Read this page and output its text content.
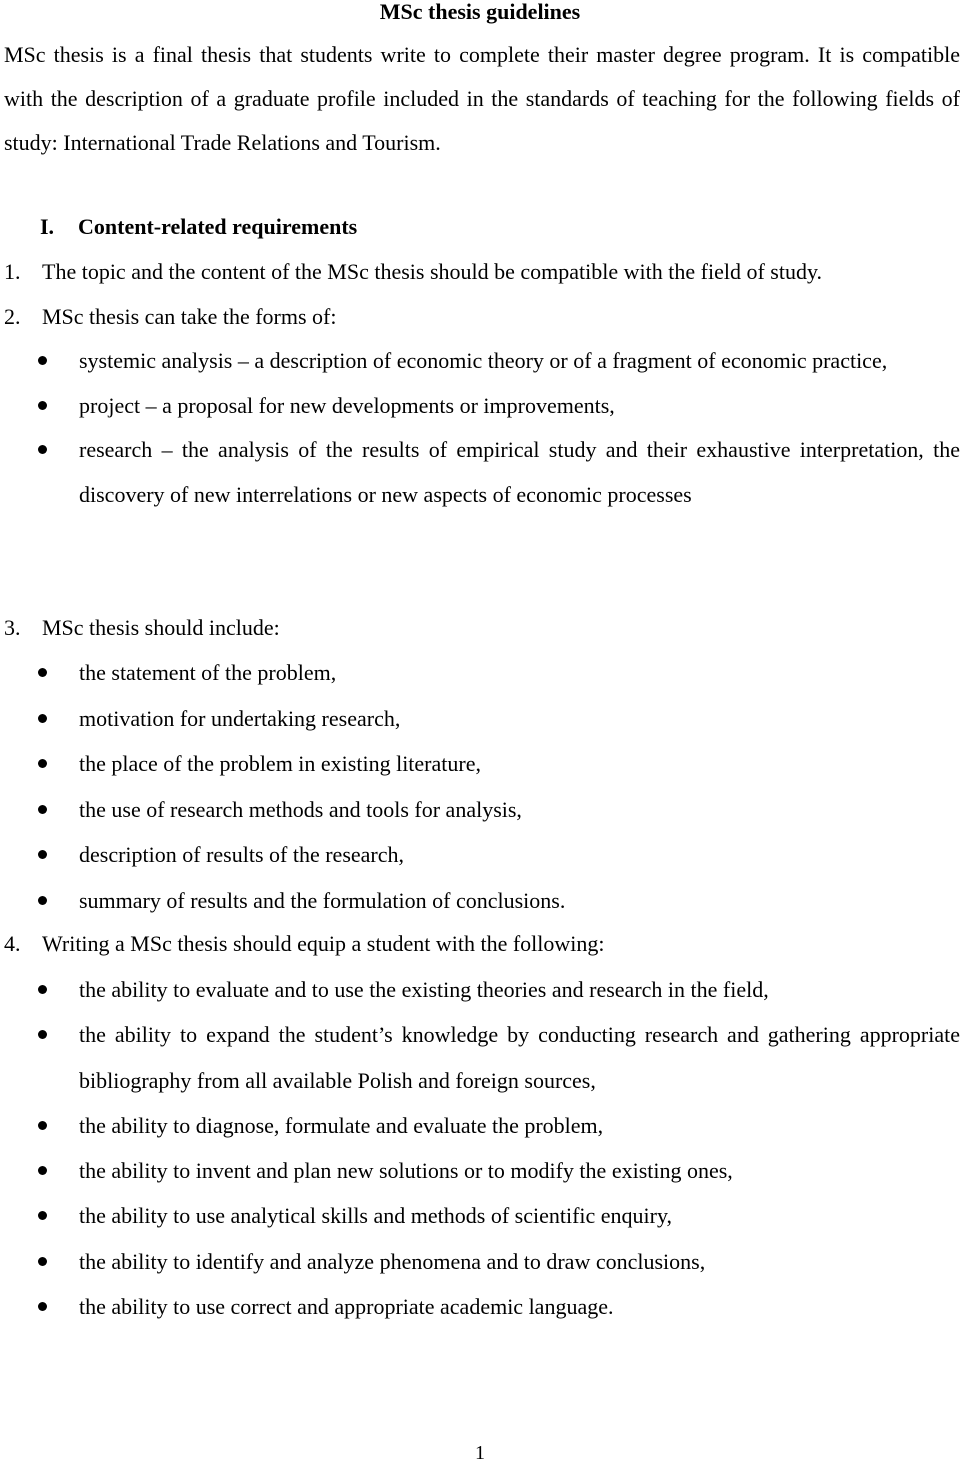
MSc thesis guidelines
MSc thesis is a final thesis that students write to complete their master degree program. It is compatible with the description of a graduate profile included in the standards of teaching for the following fields of study: International Trade Relations and Tourism.
I. Content-related requirements
1. The topic and the content of the MSc thesis should be compatible with the field of study.
2. MSc thesis can take the forms of:
systemic analysis – a description of economic theory or of a fragment of economic practice,
project – a proposal for new developments or improvements,
research – the analysis of the results of empirical study and their exhaustive interpretation, the discovery of new interrelations or new aspects of economic processes
3. MSc thesis should include:
the statement of the problem,
motivation for undertaking research,
the place of the problem in existing literature,
the use of research methods and tools for analysis,
description of results of the research,
summary of results and the formulation of conclusions.
4. Writing a MSc thesis should equip a student with the following:
the ability to evaluate and to use the existing theories and research in the field,
the ability to expand the student’s knowledge by conducting research and gathering appropriate bibliography from all available Polish and foreign sources,
the ability to diagnose, formulate and evaluate the problem,
the ability to invent and plan new solutions or to modify the existing ones,
the ability to use analytical skills and methods of scientific enquiry,
the ability to identify and analyze phenomena and to draw conclusions,
the ability to use correct and appropriate academic language.
1
